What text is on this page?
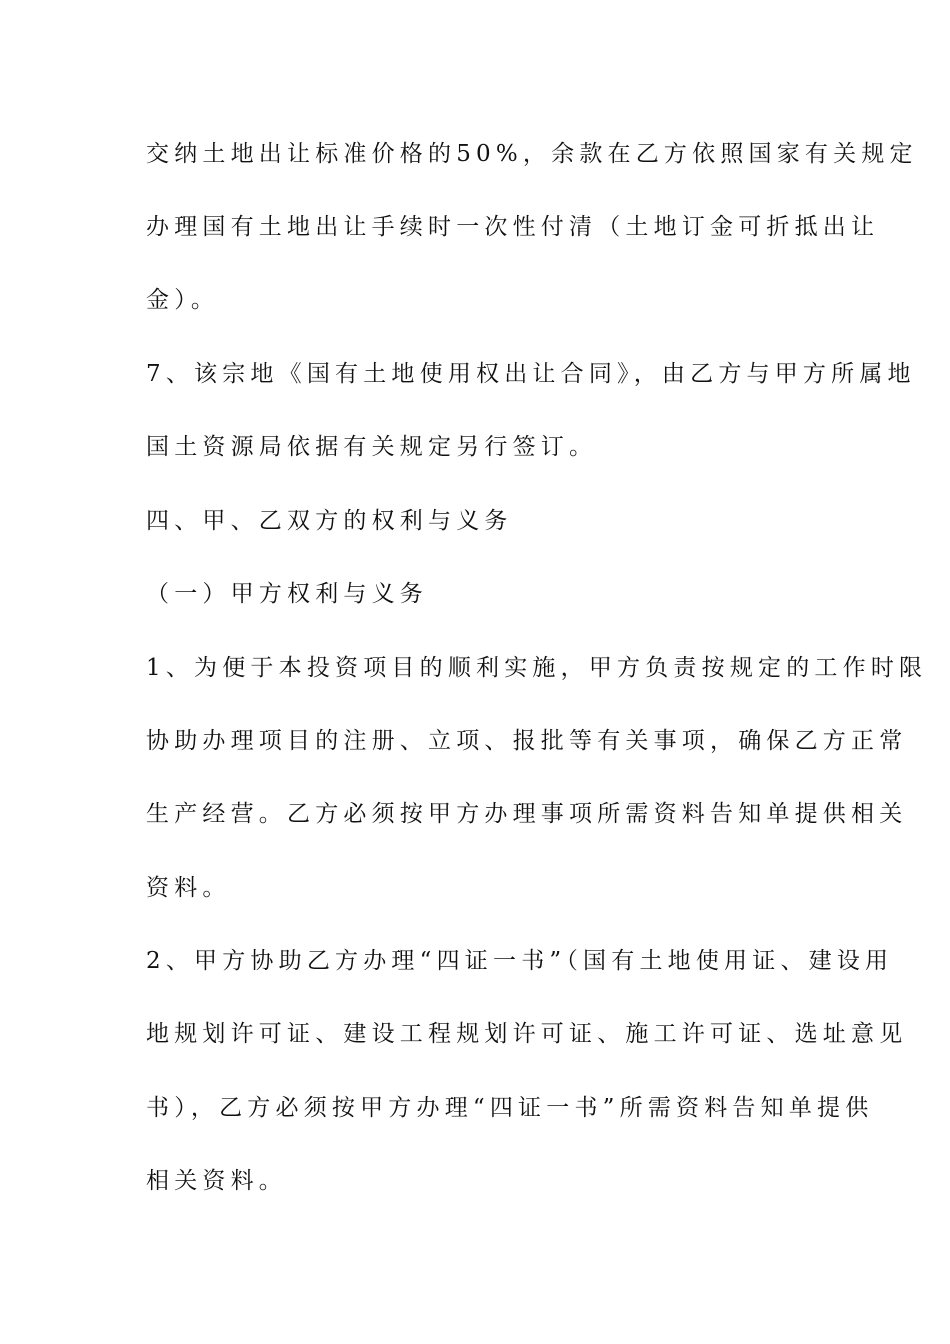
交纳土地出让标准价格的50%，余款在乙方依照国家有关规定
办理国有土地出让手续时一次性付清（土地订金可折抵出让
金）。
7、该宗地《国有土地使用权出让合同》，由乙方与甲方所属地
国土资源局依据有关规定另行签订。
四、甲、乙双方的权利与义务
（一）甲方权利与义务
1、为便于本投资项目的顺利实施，甲方负责按规定的工作时限
协助办理项目的注册、立项、报批等有关事项，确保乙方正常
生产经营。乙方必须按甲方办理事项所需资料告知单提供相关
资料。
2、甲方协助乙方办理“四证一书”（国有土地使用证、建设用
地规划许可证、建设工程规划许可证、施工许可证、选址意见
书），乙方必须按甲方办理“四证一书”所需资料告知单提供
相关资料。
